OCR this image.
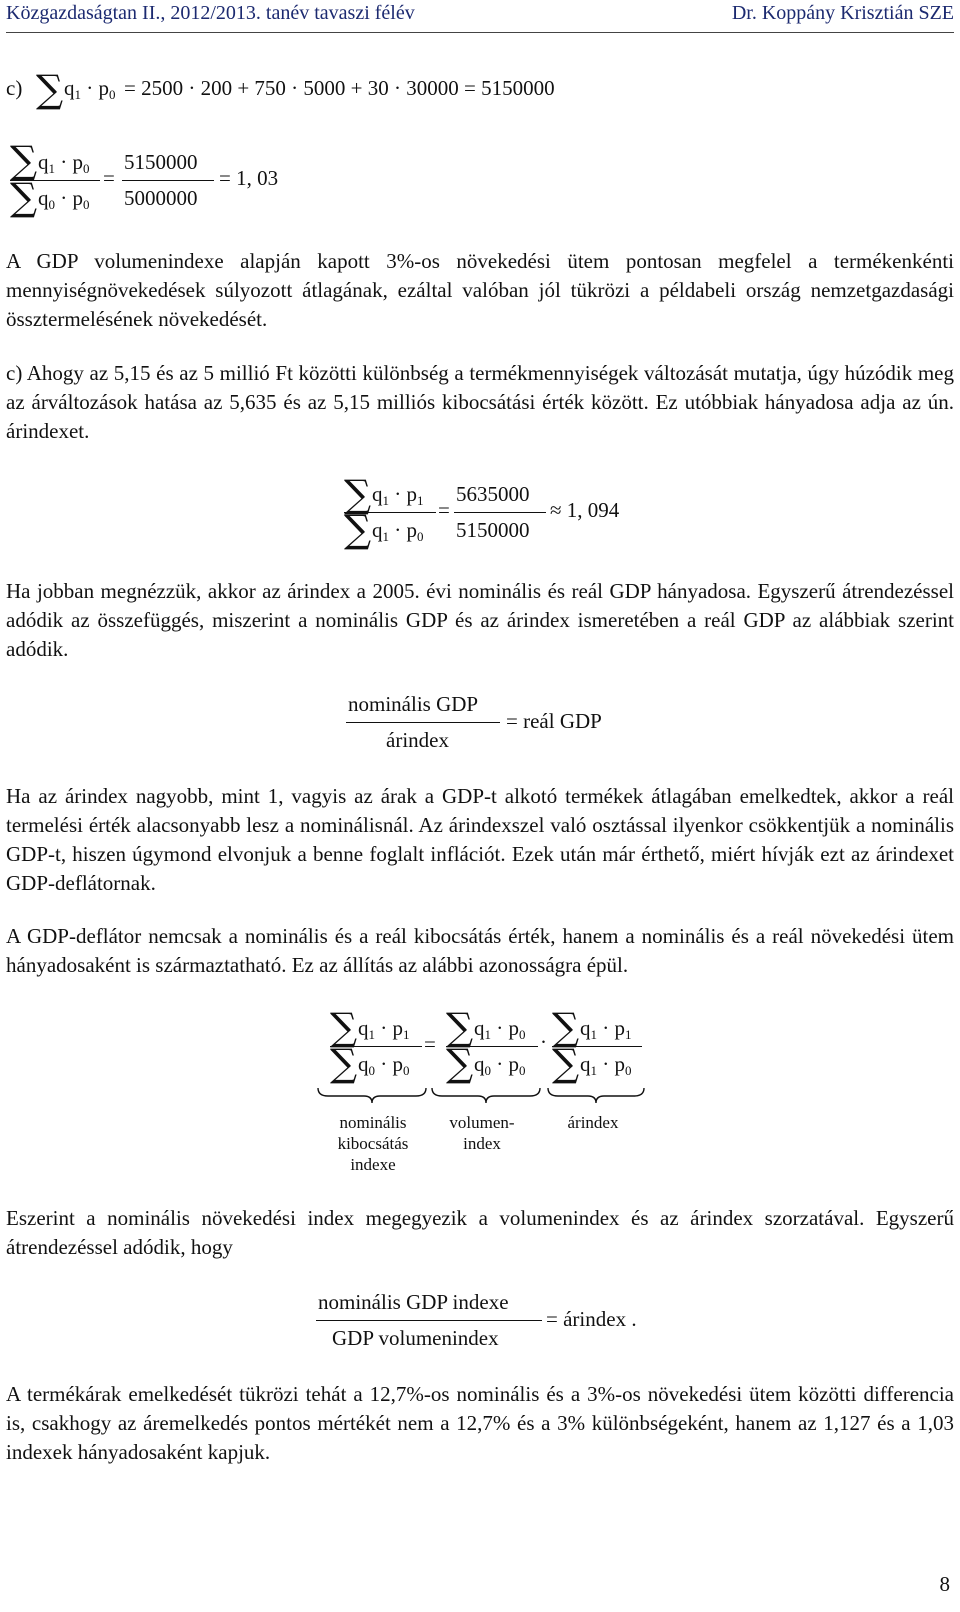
Közgazdaságtan II., 2012/2013. tanév tavaszi félév	Dr. Koppány Krisztián SZE
c) ∑ q1 · p0 = 2500 · 200 + 750 · 5000 + 30 · 30000 = 5150000
∑ q1 · p0
∑ q0 · p0
=
5150000
5000000
= 1, 03

A GDP volumenindexe alapján kapott 3%-os növekedési ütem pontosan megfelel a termékenkénti mennyiségnövekedések súlyozott átlagának, ezáltal valóban jól tükrözi a példabeli ország nemzetgazdasági össztermelésének növekedését.

c) Ahogy az 5,15 és az 5 millió Ft közötti különbség a termékmennyiségek változását mutatja, úgy húzódik meg az árváltozások hatása az 5,635 és az 5,15 milliós kibocsátási érték között. Ez utóbbiak hányadosa adja az ún. árindexet.

∑ q1 · p1
∑ q1 · p0
=
5635000
5150000
≈ 1, 094

Ha jobban megnézzük, akkor az árindex a 2005. évi nominális és reál GDP hányadosa. Egyszerű átrendezéssel adódik az összefüggés, miszerint a nominális GDP és az árindex ismeretében a reál GDP az alábbiak szerint adódik.

nominális GDP
árindex
= reál GDP

Ha az árindex nagyobb, mint 1, vagyis az árak a GDP-t alkotó termékek átlagában emelkedtek, akkor a reál termelési érték alacsonyabb lesz a nominálisnál. Az árindexszel való osztással ilyenkor csökkentjük a nominális GDP-t, hiszen úgymond elvonjuk a benne foglalt inflációt. Ezek után már érthető, miért hívják ezt az árindexet GDP-deflátornak.

A GDP-deflátor nemcsak a nominális és a reál kibocsátás érték, hanem a nominális és a reál növekedési ütem hányadosaként is származtatható. Ez az állítás az alábbi azonosságra épül.

∑ q1 · p1
∑ q0 · p0
= ∑ q1 · p0
∑ q0 · p0
· ∑ q1 · p1
∑ q1 · p0
nominális
kibocsátás
indexe
volumen-
index
árindex

Eszerint a nominális növekedési index megegyezik a volumenindex és az árindex szorzatával. Egyszerű átrendezéssel adódik, hogy

nominális GDP indexe
GDP volumenindex
= árindex .

A termékárak emelkedését tükrözi tehát a 12,7%-os nominális és a 3%-os növekedési ütem közötti differencia is, csakhogy az áremelkedés pontos mértékét nem a 12,7% és a 3% különbségeként, hanem az 1,127 és a 1,03 indexek hányadosaként kapjuk.

8
